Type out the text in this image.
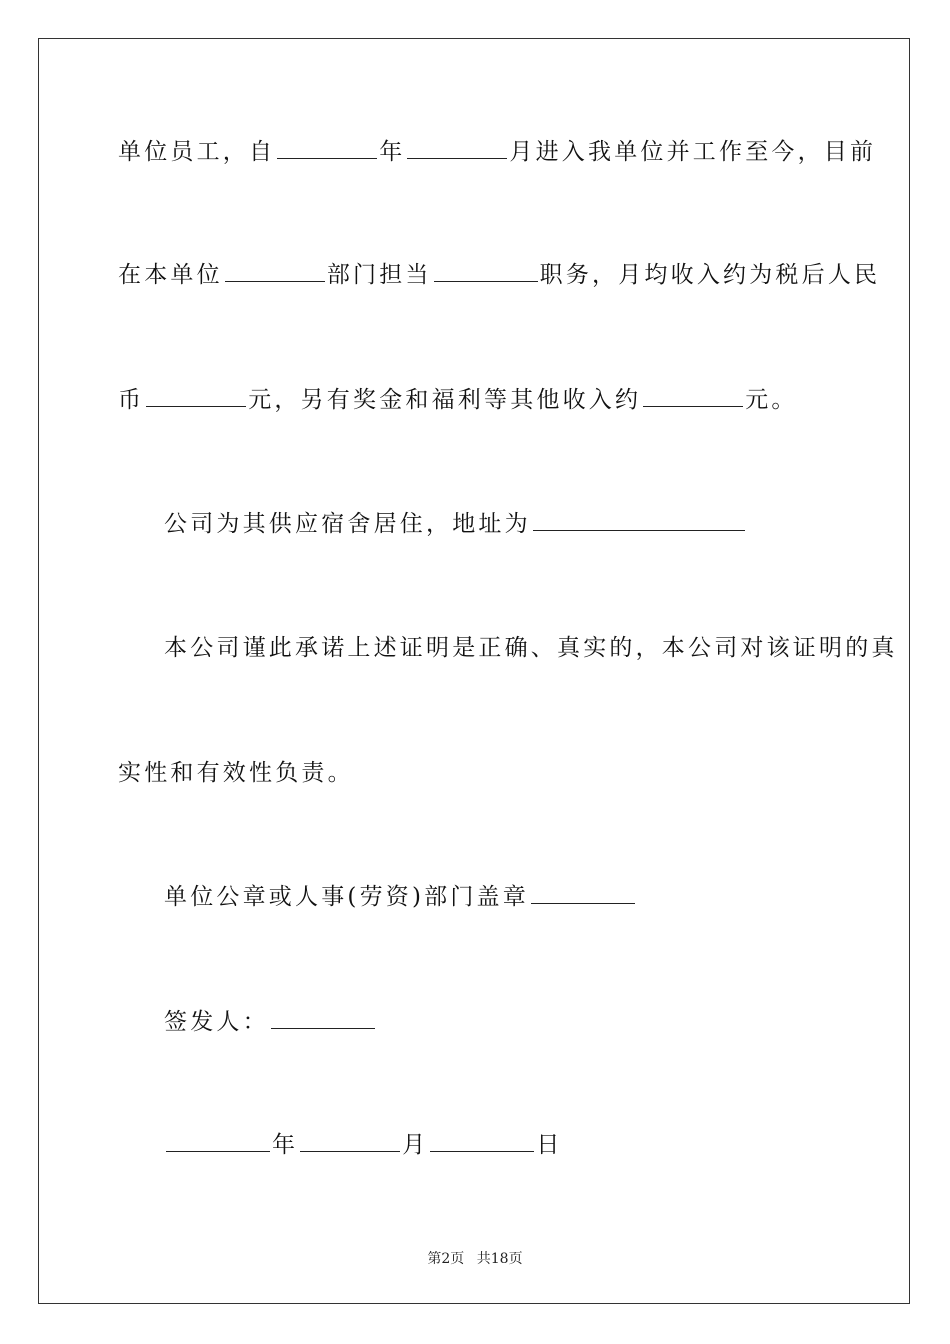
单位员工，自	年	月进入我单位并工作至今，目前
在本单位	部门担当	职务，月均收入约为税后人民
币	元，另有奖金和福利等其他收入约	元。
公司为其供应宿舍居住，地址为
本公司谨此承诺上述证明是正确、真实的，本公司对该证明的真
实性和有效性负责。
单位公章或人事(劳资)部门盖章
签发人：
年	月	日
第2页 共18页
